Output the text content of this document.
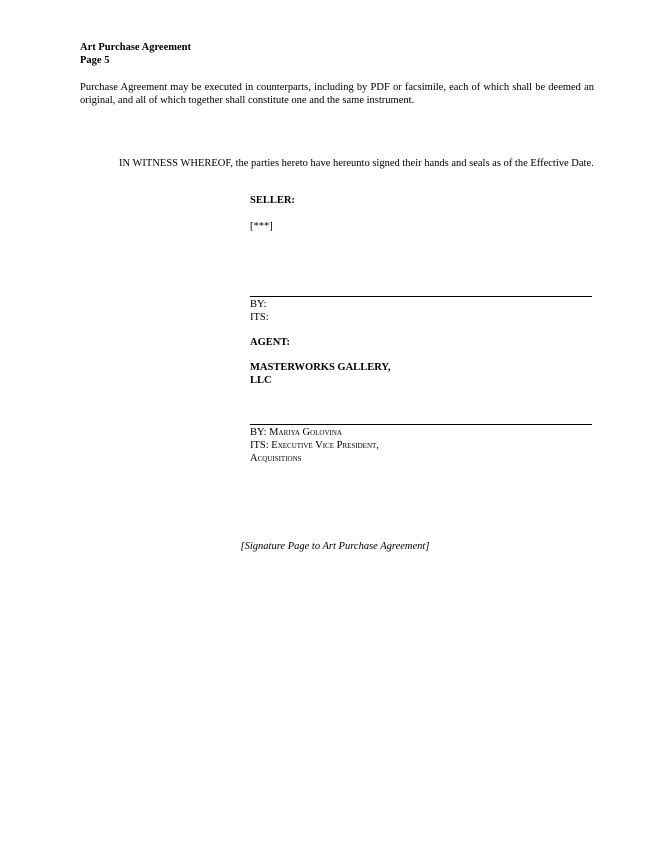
Art Purchase Agreement
Page 5
Purchase Agreement may be executed in counterparts, including by PDF or facsimile, each of which shall be deemed an original, and all of which together shall constitute one and the same instrument.
IN WITNESS WHEREOF, the parties hereto have hereunto signed their hands and seals as of the Effective Date.
SELLER:
[***]
BY:
ITS:
AGENT:
MASTERWORKS GALLERY,
LLC
BY: Mariya Golovina
ITS: Executive Vice President,
Acquisitions
[Signature Page to Art Purchase Agreement]
